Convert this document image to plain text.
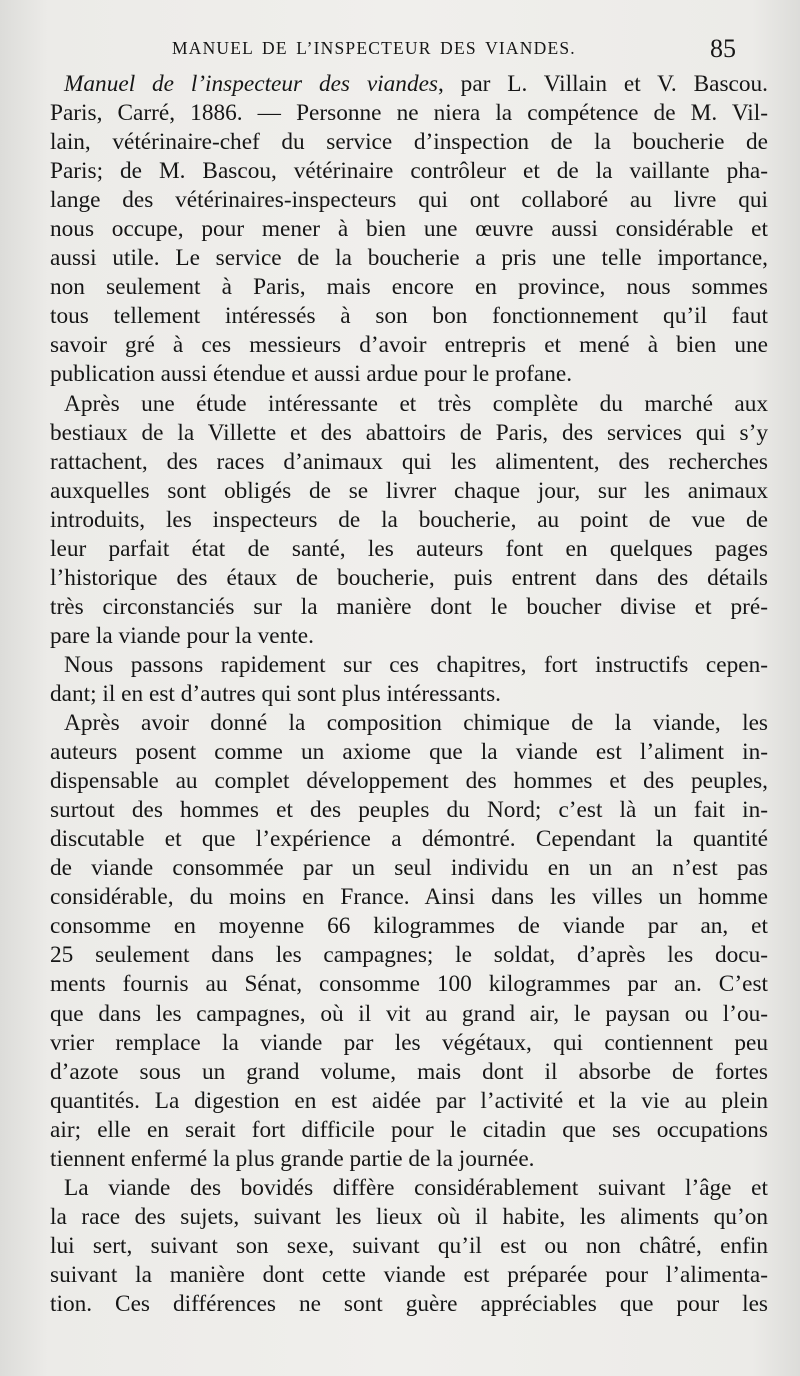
MANUEL DE L’INSPECTEUR DES VIANDES.	85
Manuel de l’inspecteur des viandes, par L. Villain et V. Bascou.
Paris, Carré, 1886. — Personne ne niera la compétence de M. Vil-
lain, vétérinaire-chef du service d’inspection de la boucherie de
Paris; de M. Bascou, vétérinaire contrôleur et de la vaillante pha-
lange des vétérinaires-inspecteurs qui ont collaboré au livre qui
nous occupe, pour mener à bien une œuvre aussi considérable et
aussi utile. Le service de la boucherie a pris une telle importance,
non seulement à Paris, mais encore en province, nous sommes
tous tellement intéressés à son bon fonctionnement qu’il faut
savoir gré à ces messieurs d’avoir entrepris et mené à bien une
publication aussi étendue et aussi ardue pour le profane.
Après une étude intéressante et très complète du marché aux
bestiaux de la Villette et des abattoirs de Paris, des services qui s’y
rattachent, des races d’animaux qui les alimentent, des recherches
auxquelles sont obligés de se livrer chaque jour, sur les animaux
introduits, les inspecteurs de la boucherie, au point de vue de
leur parfait état de santé, les auteurs font en quelques pages
l’historique des étaux de boucherie, puis entrent dans des détails
très circonstanciés sur la manière dont le boucher divise et pré-
pare la viande pour la vente.
Nous passons rapidement sur ces chapitres, fort instructifs cepen-
dant; il en est d’autres qui sont plus intéressants.
Après avoir donné la composition chimique de la viande, les
auteurs posent comme un axiome que la viande est l’aliment in-
dispensable au complet développement des hommes et des peuples,
surtout des hommes et des peuples du Nord; c’est là un fait in-
discutable et que l’expérience a démontré. Cependant la quantité
de viande consommée par un seul individu en un an n’est pas
considérable, du moins en France. Ainsi dans les villes un homme
consomme en moyenne 66 kilogrammes de viande par an, et
25 seulement dans les campagnes; le soldat, d’après les docu-
ments fournis au Sénat, consomme 100 kilogrammes par an. C’est
que dans les campagnes, où il vit au grand air, le paysan ou l’ou-
vrier remplace la viande par les végétaux, qui contiennent peu
d’azote sous un grand volume, mais dont il absorbe de fortes
quantités. La digestion en est aidée par l’activité et la vie au plein
air; elle en serait fort difficile pour le citadin que ses occupations
tiennent enfermé la plus grande partie de la journée.
La viande des bovidés diffère considérablement suivant l’âge et
la race des sujets, suivant les lieux où il habite, les aliments qu’on
lui sert, suivant son sexe, suivant qu’il est ou non châtré, enfin
suivant la manière dont cette viande est préparée pour l’alimenta-
tion. Ces différences ne sont guère appréciables que pour les
